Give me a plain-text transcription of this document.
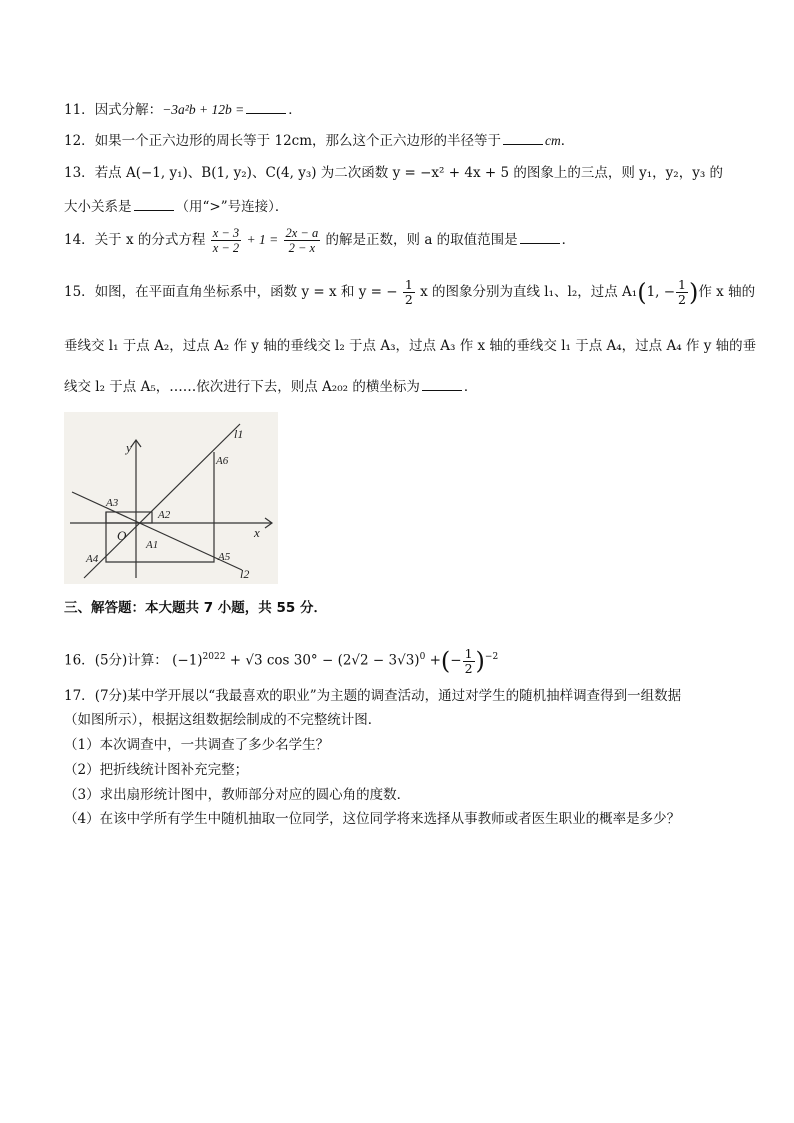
11．因式分解：−3a²b + 12b =	．
12．如果一个正六边形的周长等于 12cm，那么这个正六边形的半径等于	cm．
13．若点 A(−1, y₁)、B(1, y₂)、C(4, y₃) 为二次函数 y = −x² + 4x + 5 的图象上的三点，则 y₁，y₂，y₃ 的
大小关系是	（用“>”号连接）．
14．关于 x 的分式方程 $\frac{x - 3}{x - 2} + 1 = \frac{2x - a}{2 - x}$ 的解是正数，则 a 的取值范围是	．
15．如图，在平面直角坐标系中，函数 y = x 和 y = − $\frac{1}{2}$ x 的图象分别为直线 l₁、l₂，过点 A₁(1, − $\frac{1}{2}$ )作 x 轴的
垂线交 l₁ 于点 A₂，过点 A₂ 作 y 轴的垂线交 l₂ 于点 A₃，过点 A₃ 作 x 轴的垂线交 l₁ 于点 A₄，过点 A₄ 作 y 轴的垂
线交 l₂ 于点 A₅，……依次进行下去，则点 A₂₀₂ 的横坐标为	．
y
x
O
l1
l2
A1
A2
A3
A4	A5
A6
三、解答题：本大题共 7 小题，共 55 分．
16．(5分)计算： $(-1)^{2022} + √3$ $\cos 30^\circ - (2√2 - 3√3)^0$ +(− $\frac{1}{2} )^{-2}$
17．(7分)某中学开展以“我最喜欢的职业”为主题的调查活动，通过对学生的随机抽样调查得到一组数据
（如图所示），根据这组数据绘制成的不完整统计图．
（1）本次调查中，一共调查了多少名学生？
（2）把折线统计图补充完整；
（3）求出扇形统计图中，教师部分对应的圆心角的度数．
（4）在该中学所有学生中随机抽取一位同学，这位同学将来选择从事教师或者医生职业的概率是多少？
